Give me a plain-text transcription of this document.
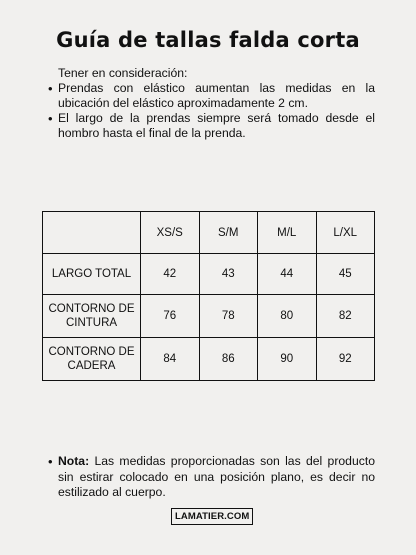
Guía de tallas falda corta
Tener en consideración:
• Prendas con elástico aumentan las medidas en la ubicación del elástico aproximadamente 2 cm.
• El largo de la prendas siempre será tomado desde el hombro hasta el final de la prenda.
	XS/S	S/M	M/L	L/XL
LARGO TOTAL	42	43	44	45
CONTORNO DE CINTURA	76	78	80	82
CONTORNO DE CADERA	84	86	90	92

• Nota: Las medidas proporcionadas son las del producto sin estirar colocado en una posición plano, es decir no estilizado al cuerpo.

LAMATIER.COM
